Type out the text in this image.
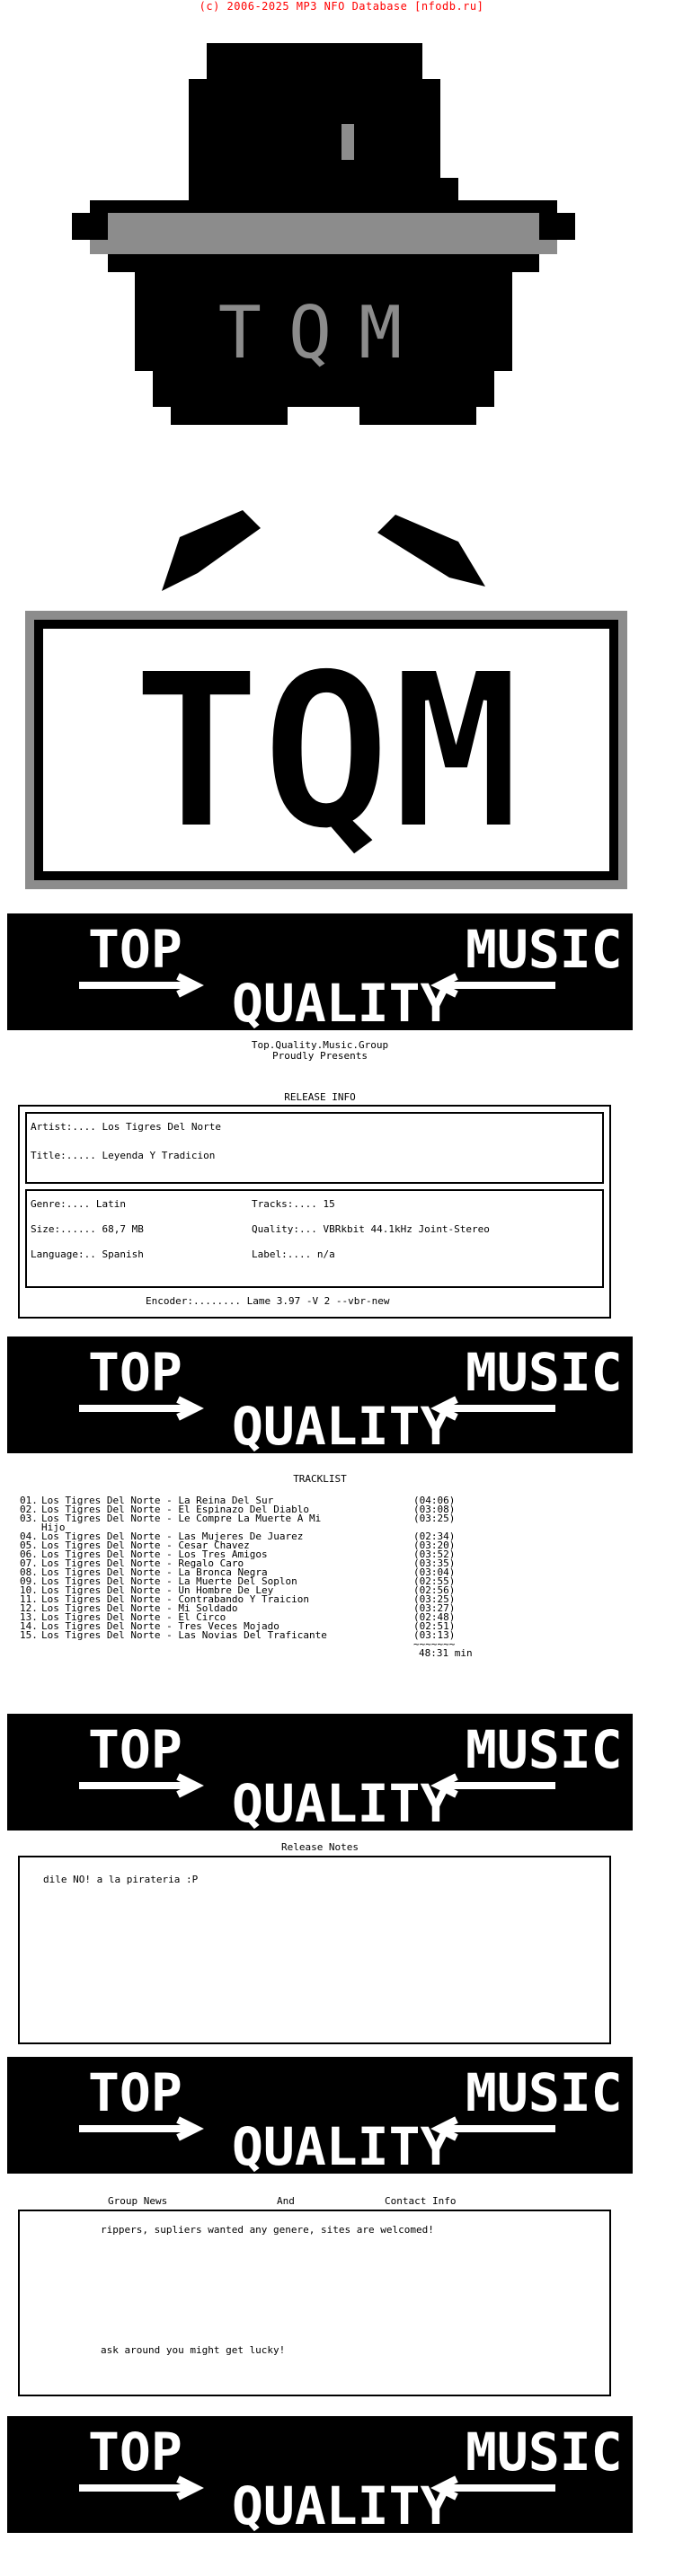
(c) 2006-2025 MP3 NFO Database [nfodb.ru]
TQM
TQM
TOP	MUSIC
QUALITY
Top.Quality.Music.Group
Proudly Presents
RELEASE INFO
Artist:.... Los Tigres Del Norte
Title:..... Leyenda Y Tradicion
Genre:.... Latin
Size:...... 68,7 MB
Language:.. Spanish
Tracks:.... 15
Quality:... VBRkbit 44.1kHz Joint-Stereo
Label:.... n/a
Encoder:........ Lame 3.97 -V 2 --vbr-new
TOP	MUSIC
QUALITY
TRACKLIST
01. Los Tigres Del Norte - La Reina Del Sur	(04:06)
02. Los Tigres Del Norte - El Espinazo Del Diablo	(03:08)
03. Los Tigres Del Norte - Le Compre La Muerte A Mi	(03:25)
Hijo
04. Los Tigres Del Norte - Las Mujeres De Juarez	(02:34)
05. Los Tigres Del Norte - Cesar Chavez	(03:20)
06. Los Tigres Del Norte - Los Tres Amigos	(03:52)
07. Los Tigres Del Norte - Regalo Caro	(03:35)
08. Los Tigres Del Norte - La Bronca Negra	(03:04)
09. Los Tigres Del Norte - La Muerte Del Soplon	(02:55)
10. Los Tigres Del Norte - Un Hombre De Ley	(02:56)
11. Los Tigres Del Norte - Contrabando Y Traicion	(03:25)
12. Los Tigres Del Norte - Mi Soldado	(03:27)
13. Los Tigres Del Norte - El Circo	(02:48)
14. Los Tigres Del Norte - Tres Veces Mojado	(02:51)
15. Los Tigres Del Norte - Las Novias Del Traficante	(03:13)
~~~~~~~
48:31 min
TOP	MUSIC
QUALITY
Release Notes
dile NO! a la pirateria :P
TOP	MUSIC
QUALITY
Group News	And	Contact Info
rippers, supliers wanted any genere, sites are welcomed!
ask around you might get lucky!
TOP	MUSIC
QUALITY
